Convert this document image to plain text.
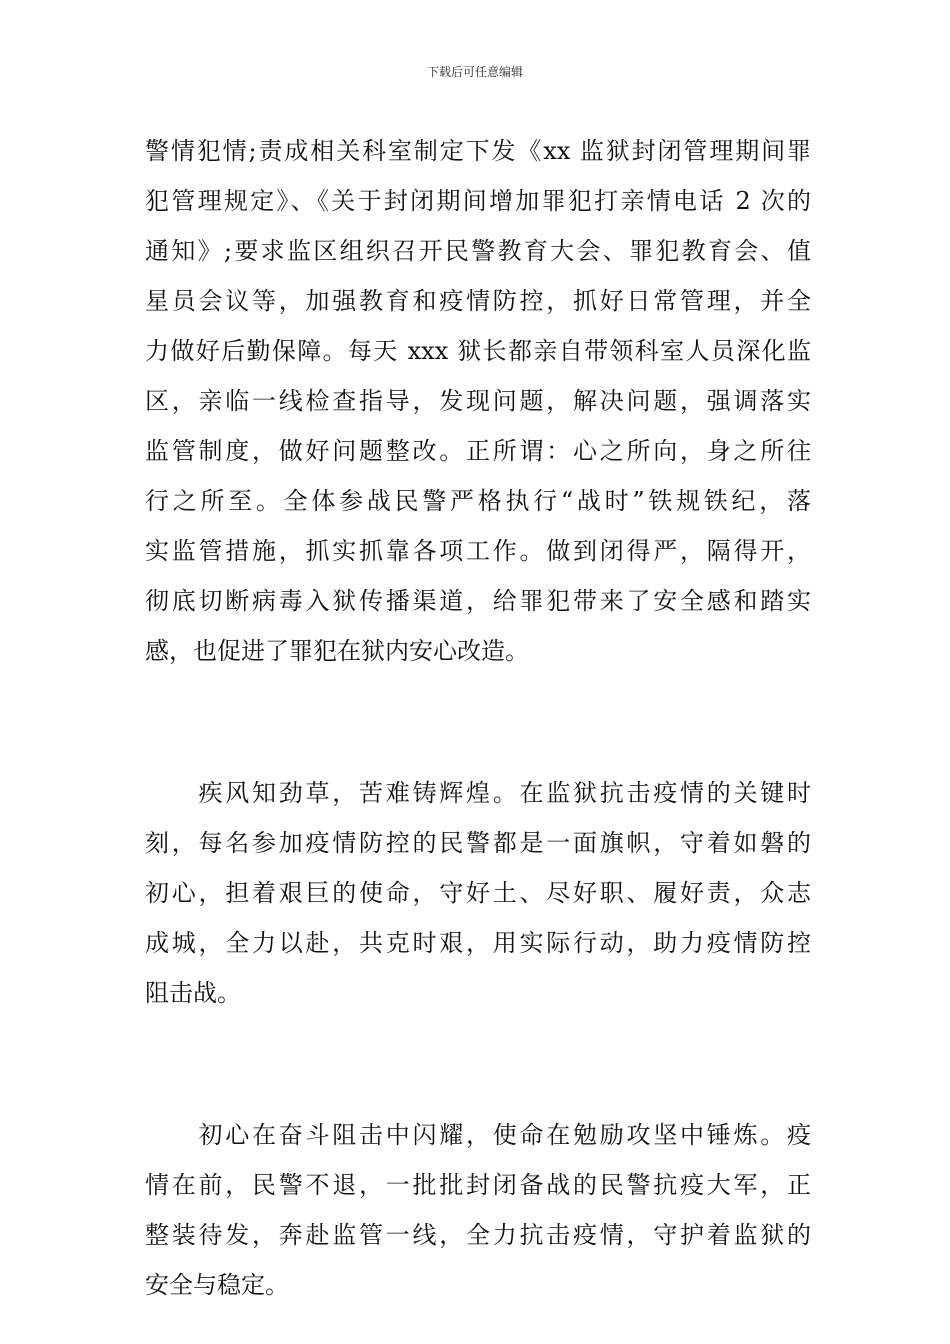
下载后可任意编辑
警情犯情;责成相关科室制定下发《xx 监狱封闭管理期间罪
犯管理规定》、《关于封闭期间增加罪犯打亲情电话 2 次的
通知》;要求监区组织召开民警教育大会、罪犯教育会、值
星员会议等，加强教育和疫情防控，抓好日常管理，并全
力做好后勤保障。每天 xxx 狱长都亲自带领科室人员深化监
区，亲临一线检查指导，发现问题，解决问题，强调落实
监管制度，做好问题整改。正所谓：心之所向，身之所往
行之所至。全体参战民警严格执行“战时”铁规铁纪，落
实监管措施，抓实抓靠各项工作。做到闭得严，隔得开，
彻底切断病毒入狱传播渠道，给罪犯带来了安全感和踏实
感，也促进了罪犯在狱内安心改造。
　　疾风知劲草，苦难铸辉煌。在监狱抗击疫情的关键时
刻，每名参加疫情防控的民警都是一面旗帜，守着如磐的
初心，担着艰巨的使命，守好土、尽好职、履好责，众志
成城，全力以赴，共克时艰，用实际行动，助力疫情防控
阻击战。
　　初心在奋斗阻击中闪耀，使命在勉励攻坚中锤炼。疫
情在前，民警不退，一批批封闭备战的民警抗疫大军，正
整装待发，奔赴监管一线，全力抗击疫情，守护着监狱的
安全与稳定。
